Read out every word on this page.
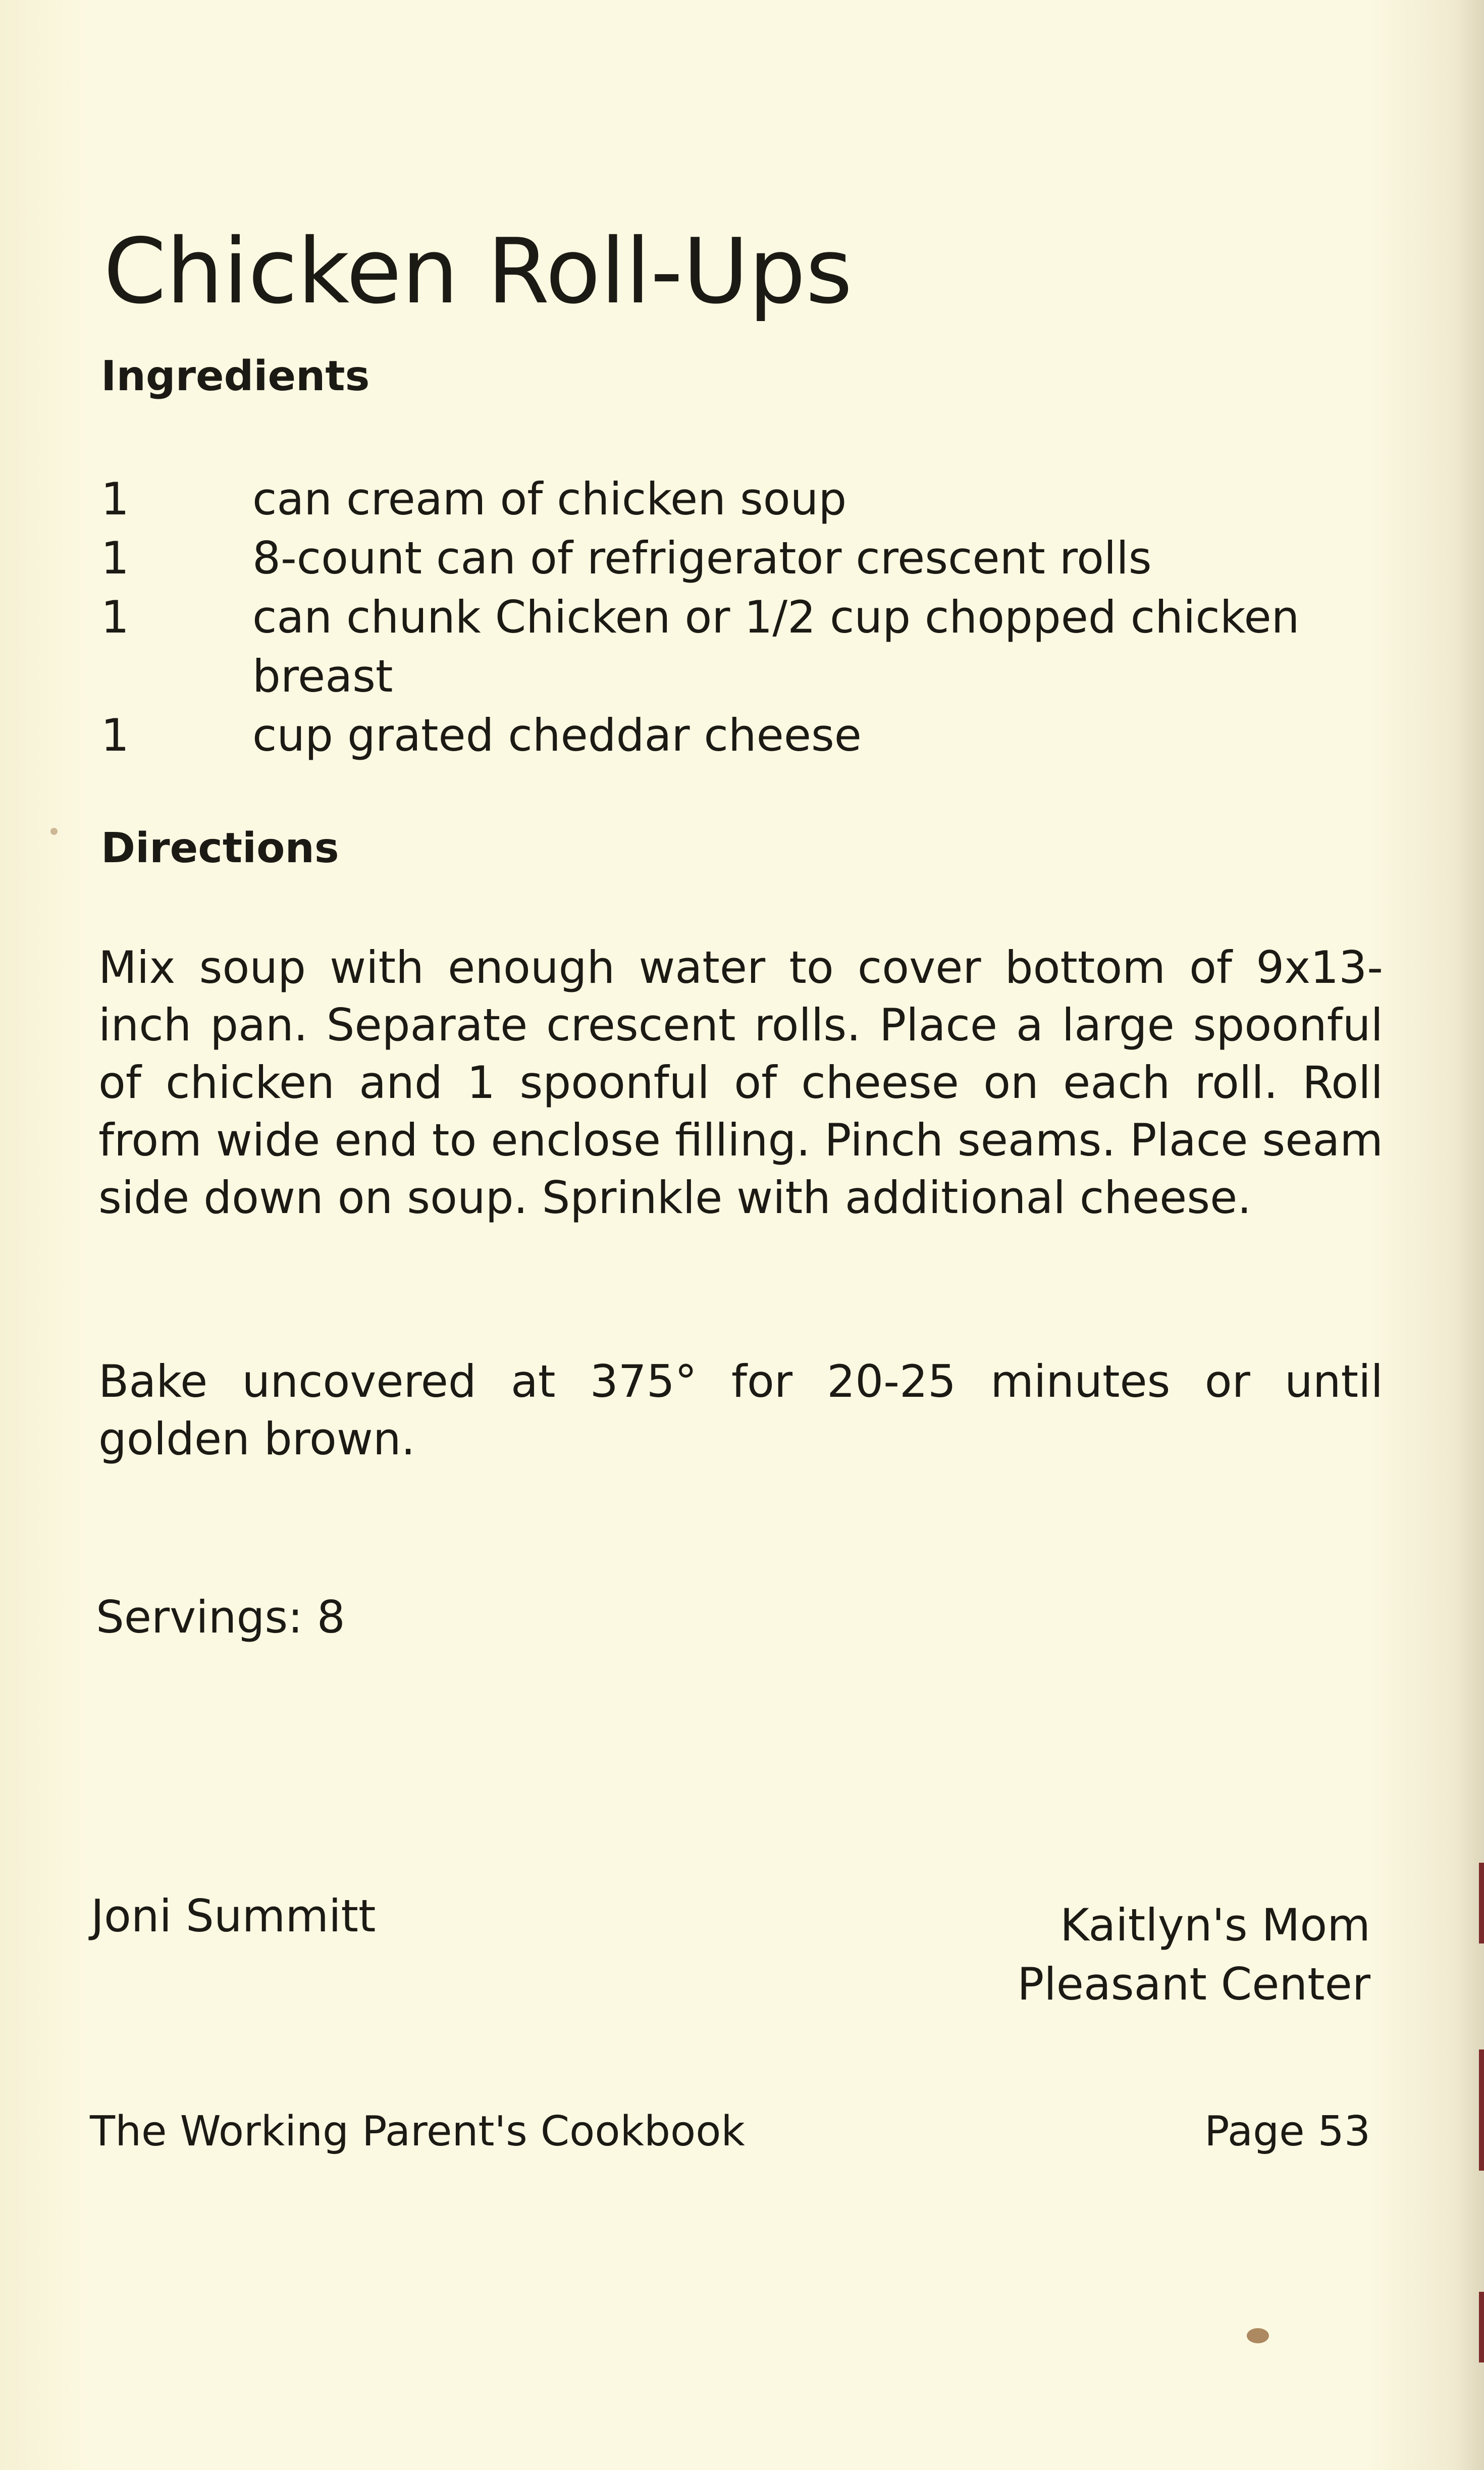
Chicken Roll-Ups
Ingredients
1	can cream of chicken soup
1	8-count can of refrigerator crescent rolls
1	can chunk Chicken or 1/2 cup chopped chicken breast
1	cup grated cheddar cheese
Directions

Mix soup with enough water to cover bottom of 9x13-inch pan. Separate crescent rolls. Place a large spoonful of chicken and 1 spoonful of cheese on each roll. Roll from wide end to enclose filling. Pinch seams. Place seam side down on soup. Sprinkle with additional cheese.

Bake uncovered at 375° for 20-25 minutes or until golden brown.

Servings: 8
Joni Summitt	Kaitlyn's Mom
Pleasant Center
The Working Parent's Cookbook	Page 53
